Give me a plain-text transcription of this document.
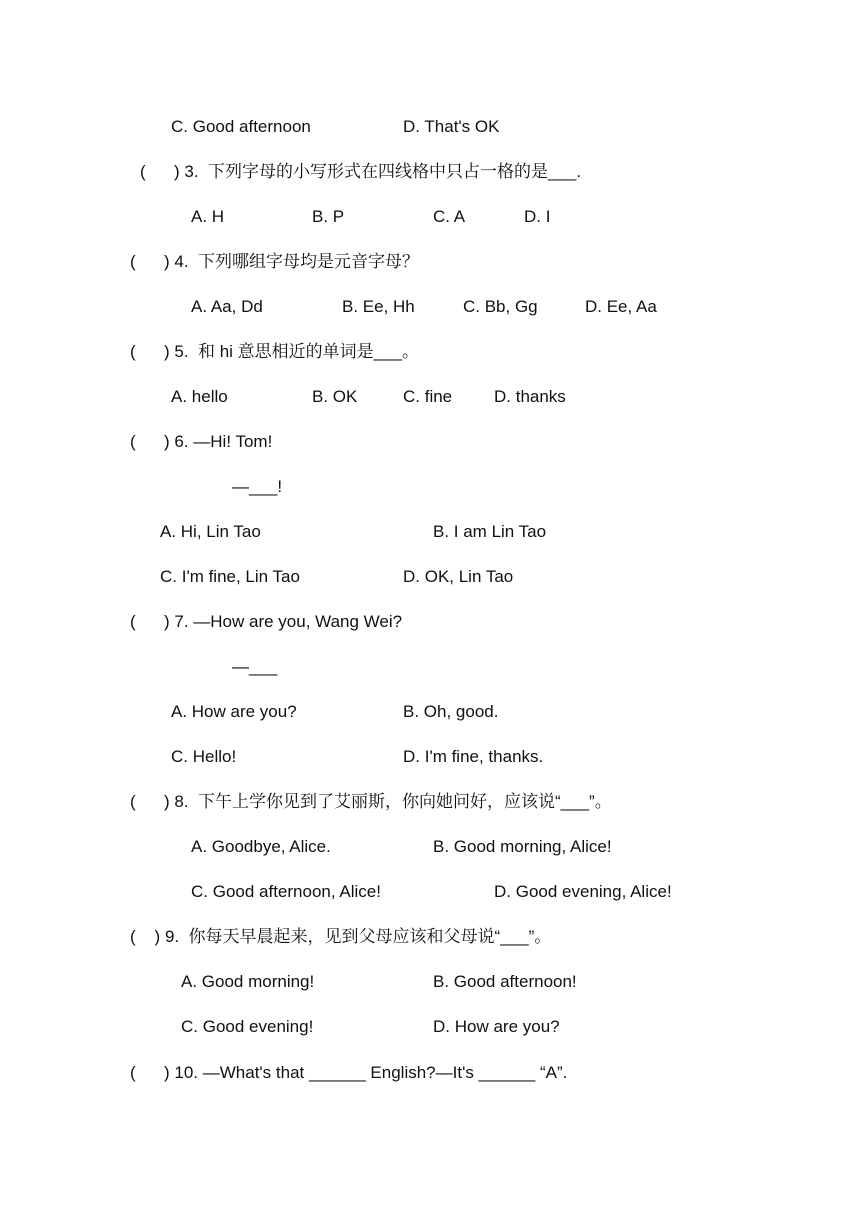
C. Good afternoon	D. That's OK
(      ) 3.  下列字母的小写形式在四线格中只占一格的是___.
A. H	B. P	C. A	D. I
(      ) 4.  下列哪组字母均是元音字母？
A. Aa, Dd	B. Ee, Hh	C. Bb, Gg	D. Ee, Aa
(      ) 5.  和 hi 意思相近的单词是___。
A. hello	B. OK	C. fine D. thanks
(      ) 6. —Hi! Tom!
—___!
A. Hi, Lin Tao	B. I am Lin Tao
C. I'm fine, Lin Tao	D. OK, Lin Tao
(      ) 7. —How are you, Wang Wei?
—___
A. How are you?	B. Oh, good.
C. Hello!	D. I'm fine, thanks.
(      ) 8.  下午上学你见到了艾丽斯，你向她问好，应该说“___”。
A. Goodbye, Alice.	B. Good morning, Alice!
C. Good afternoon, Alice!	D. Good evening, Alice!
(    ) 9.  你每天早晨起来，见到父母应该和父母说“___”。
A. Good morning!	B. Good afternoon!
C. Good evening!	D. How are you?
(      ) 10. —What's that ______ English?—It's ______ “A”.
